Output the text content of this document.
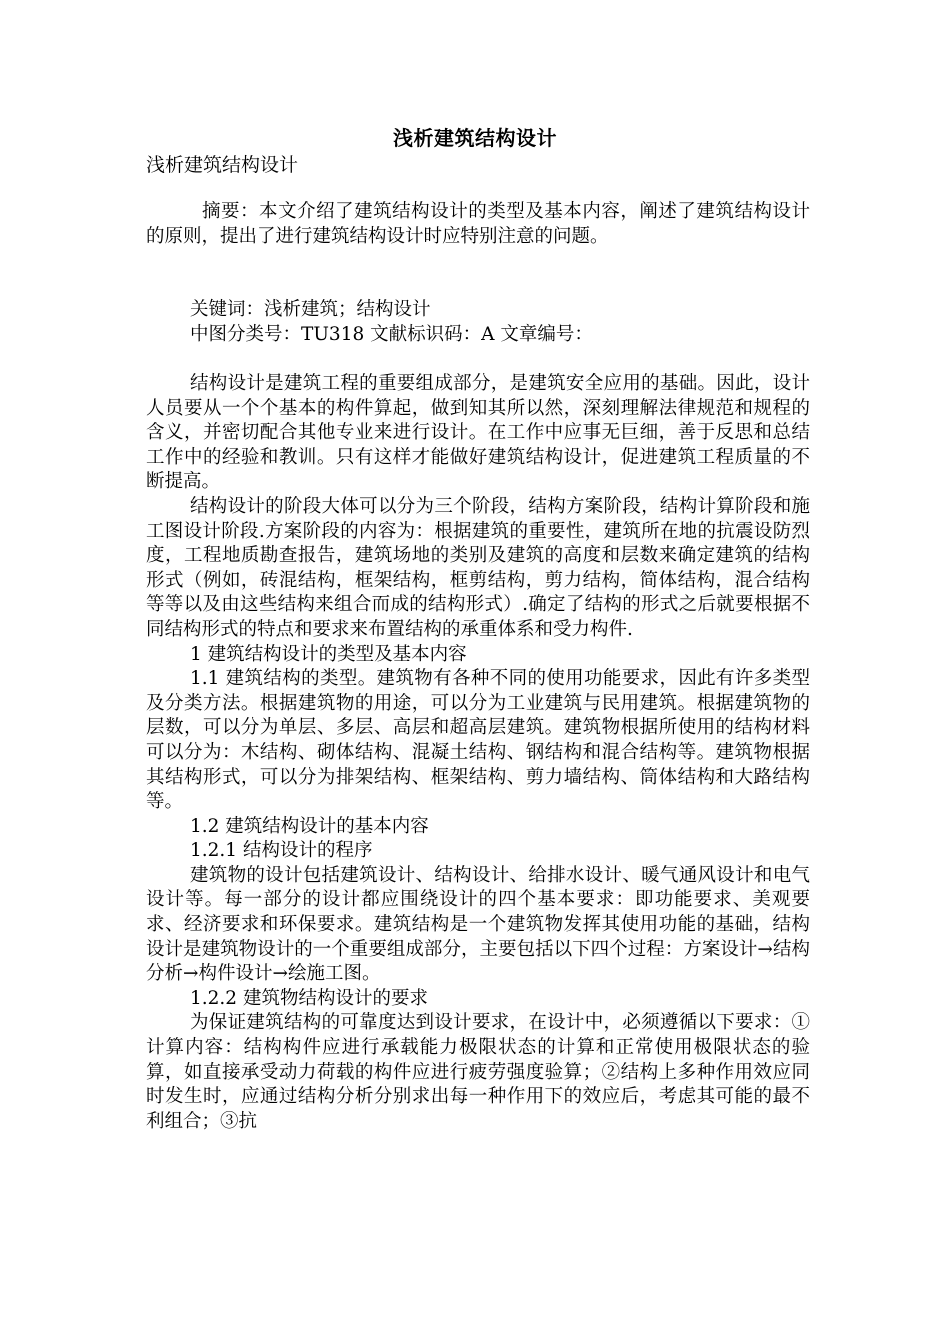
浅析建筑结构设计
浅析建筑结构设计

摘要：本文介绍了建筑结构设计的类型及基本内容，阐述了建筑结构设计的原则，提出了进行建筑结构设计时应特别注意的问题。

关键词：浅析建筑；结构设计

中图分类号：TU318 文献标识码：A 文章编号：

结构设计是建筑工程的重要组成部分，是建筑安全应用的基础。因此，设计人员要从一个个基本的构件算起，做到知其所以然，深刻理解法律规范和规程的含义，并密切配合其他专业来进行设计。在工作中应事无巨细，善于反思和总结工作中的经验和教训。只有这样才能做好建筑结构设计，促进建筑工程质量的不断提高。

结构设计的阶段大体可以分为三个阶段，结构方案阶段，结构计算阶段和施工图设计阶段.方案阶段的内容为：根据建筑的重要性，建筑所在地的抗震设防烈度，工程地质勘查报告，建筑场地的类别及建筑的高度和层数来确定建筑的结构形式（例如，砖混结构，框架结构，框剪结构，剪力结构，简体结构，混合结构等等以及由这些结构来组合而成的结构形式）.确定了结构的形式之后就要根据不同结构形式的特点和要求来布置结构的承重体系和受力构件.

1 建筑结构设计的类型及基本内容

1.1 建筑结构的类型。建筑物有各种不同的使用功能要求，因此有许多类型及分类方法。根据建筑物的用途，可以分为工业建筑与民用建筑。根据建筑物的层数，可以分为单层、多层、高层和超高层建筑。建筑物根据所使用的结构材料可以分为：木结构、砌体结构、混凝土结构、钢结构和混合结构等。建筑物根据其结构形式，可以分为排架结构、框架结构、剪力墙结构、筒体结构和大路结构等。

1.2 建筑结构设计的基本内容

1.2.1 结构设计的程序

建筑物的设计包括建筑设计、结构设计、给排水设计、暖气通风设计和电气设计等。每一部分的设计都应围绕设计的四个基本要求：即功能要求、美观要求、经济要求和环保要求。建筑结构是一个建筑物发挥其使用功能的基础，结构设计是建筑物设计的一个重要组成部分，主要包括以下四个过程：方案设计→结构分析→构件设计→绘施工图。

1.2.2 建筑物结构设计的要求

为保证建筑结构的可靠度达到设计要求，在设计中，必须遵循以下要求：①计算内容：结构构件应进行承载能力极限状态的计算和正常使用极限状态的验算，如直接承受动力荷载的构件应进行疲劳强度验算；②结构上多种作用效应同时发生时，应通过结构分析分别求出每一种作用下的效应后，考虑其可能的最不利组合；③抗
